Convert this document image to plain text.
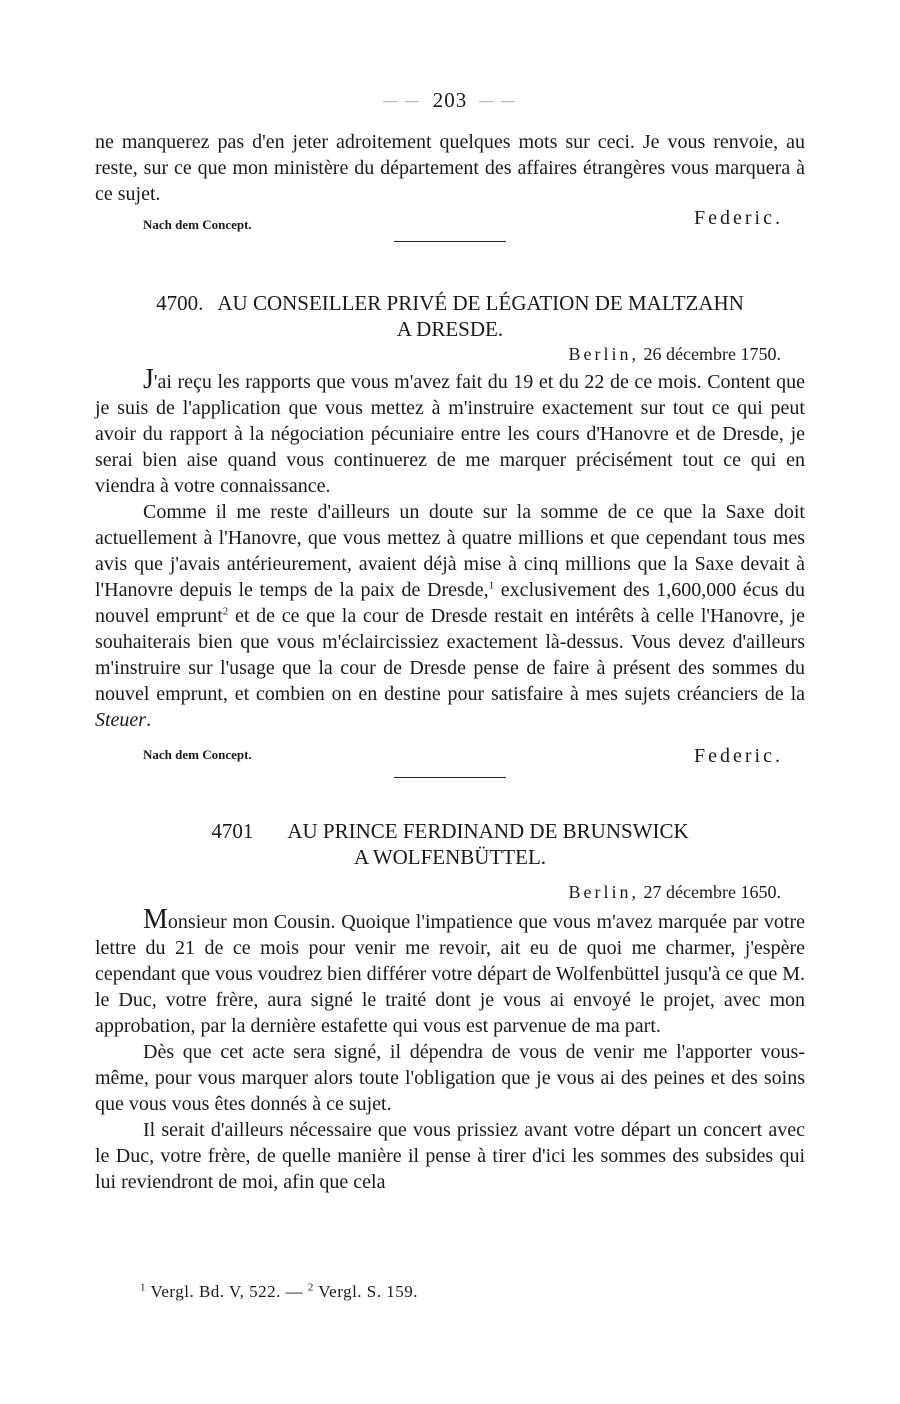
— — 203 — —

ne manquerez pas d'en jeter adroitement quelques mots sur ceci. Je vous renvoie, au reste, sur ce que mon ministère du département des affaires étrangères vous marquera à ce sujet.

Nach dem Concept.	Federic.
4700. AU CONSEILLER PRIVÉ DE LÉGATION DE MALTZAHN
A DRESDE.
Berlin, 26 décembre 1750.

J'ai reçu les rapports que vous m'avez fait du 19 et du 22 de ce mois. Content que je suis de l'application que vous mettez à m'instruire exactement sur tout ce qui peut avoir du rapport à la négociation pécuniaire entre les cours d'Hanovre et de Dresde, je serai bien aise quand vous continuerez de me marquer précisément tout ce qui en viendra à votre connaissance.

Comme il me reste d'ailleurs un doute sur la somme de ce que la Saxe doit actuellement à l'Hanovre, que vous mettez à quatre millions et que cependant tous mes avis que j'avais antérieurement, avaient déjà mise à cinq millions que la Saxe devait à l'Hanovre depuis le temps de la paix de Dresde,$^1$ exclusivement des 1,600,000 écus du nouvel emprunt$^2$ et de ce que la cour de Dresde restait en intérêts à celle l'Hanovre, je souhaiterais bien que vous m'éclaircissiez exactement là-dessus. Vous devez d'ailleurs m'instruire sur l'usage que la cour de Dresde pense de faire à présent des sommes du nouvel emprunt, et combien on en destine pour satisfaire à mes sujets créanciers de la Steuer.

Nach dem Concept.	Federic.
4701 AU PRINCE FERDINAND DE BRUNSWICK
A WOLFENBÜTTEL.
Berlin, 27 décembre 1650.

Monsieur mon Cousin. Quoique l'impatience que vous m'avez marquée par votre lettre du 21 de ce mois pour venir me revoir, ait eu de quoi me charmer, j'espère cependant que vous voudrez bien différer votre départ de Wolfenbüttel jusqu'à ce que M. le Duc, votre frère, aura signé le traité dont je vous ai envoyé le projet, avec mon approbation, par la dernière estafette qui vous est parvenue de ma part.

Dès que cet acte sera signé, il dépendra de vous de venir me l'apporter vous-même, pour vous marquer alors toute l'obligation que je vous ai des peines et des soins que vous vous êtes donnés à ce sujet.

Il serait d'ailleurs nécessaire que vous prissiez avant votre départ un concert avec le Duc, votre frère, de quelle manière il pense à tirer d'ici les sommes des subsides qui lui reviendront de moi, afin que cela

$^1$ Vergl. Bd. V, 522. — $^2$ Vergl. S. 159.
